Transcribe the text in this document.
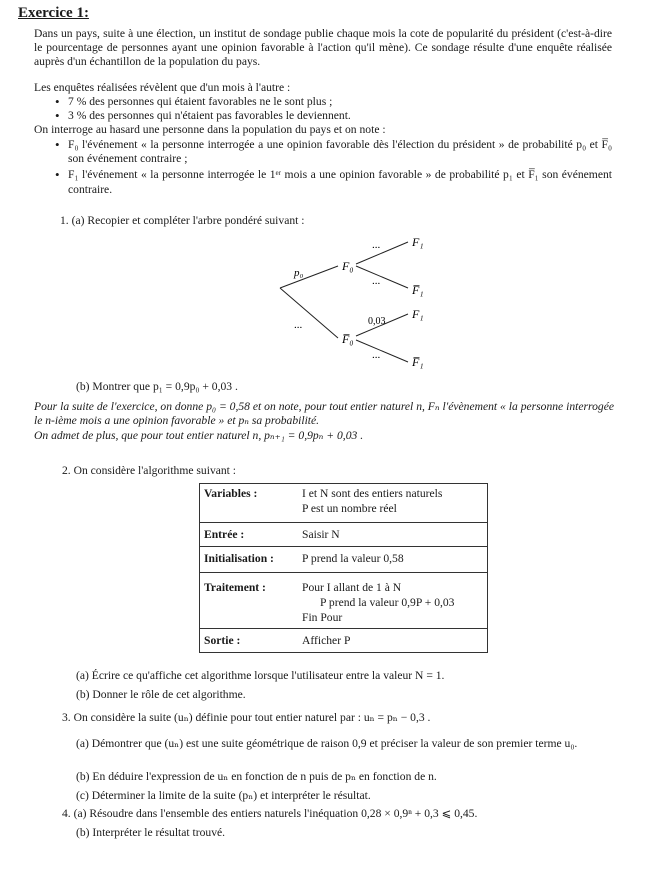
Exercice 1:
Dans un pays, suite à une élection, un institut de sondage publie chaque mois la cote de popularité du président (c'est-à-dire le pourcentage de personnes ayant une opinion favorable à l'action qu'il mène). Ce sondage résulte d'une enquête réalisée auprès d'un échantillon de la population du pays.
Les enquêtes réalisées révèlent que d'un mois à l'autre :
• 7 % des personnes qui étaient favorables ne le sont plus ;
• 3 % des personnes qui n'étaient pas favorables le deviennent.
On interroge au hasard une personne dans la population du pays et on note :
• F₀ l'événement « la personne interrogée a une opinion favorable dès l'élection du président » de probabilité p₀ et F̅₀ son événement contraire ;
• F₁ l'événement « la personne interrogée le 1ᵉʳ mois a une opinion favorable » de probabilité p₁ et F̅₁ son événement contraire.
1. (a) Recopier et compléter l'arbre pondéré suivant :
p₀
...
F₀
F̅₀
...
...
0,03
...
F₁
F̅₁
F₁
F̅₁
(b) Montrer que p₁ = 0,9p₀ + 0,03 .
Pour la suite de l'exercice, on donne p₀ = 0,58 et on note, pour tout entier naturel n, Fₙ l'évènement « la personne interrogée le n-ième mois a une opinion favorable » et pₙ sa probabilité.
On admet de plus, que pour tout entier naturel n, pₙ₊₁ = 0,9pₙ + 0,03 .
2. On considère l'algorithme suivant :
Variables :	I et N sont des entiers naturels
P est un nombre réel
Entrée :	Saisir N
Initialisation : P prend la valeur 0,58
Traitement :	Pour I allant de 1 à N
P prend la valeur 0,9P + 0,03
Fin Pour
Sortie :	Afficher P
(a) Écrire ce qu'affiche cet algorithme lorsque l'utilisateur entre la valeur N = 1.
(b) Donner le rôle de cet algorithme.
3. On considère la suite (uₙ) définie pour tout entier naturel par : uₙ = pₙ − 0,3 .
(a) Démontrer que (uₙ) est une suite géométrique de raison 0,9 et préciser la valeur de son premier terme u₀.
(b) En déduire l'expression de uₙ en fonction de n puis de pₙ en fonction de n.
(c) Déterminer la limite de la suite (pₙ) et interpréter le résultat.
4. (a) Résoudre dans l'ensemble des entiers naturels l'inéquation 0,28 × 0,9ⁿ + 0,3 ⩽ 0,45.
(b) Interpréter le résultat trouvé.
